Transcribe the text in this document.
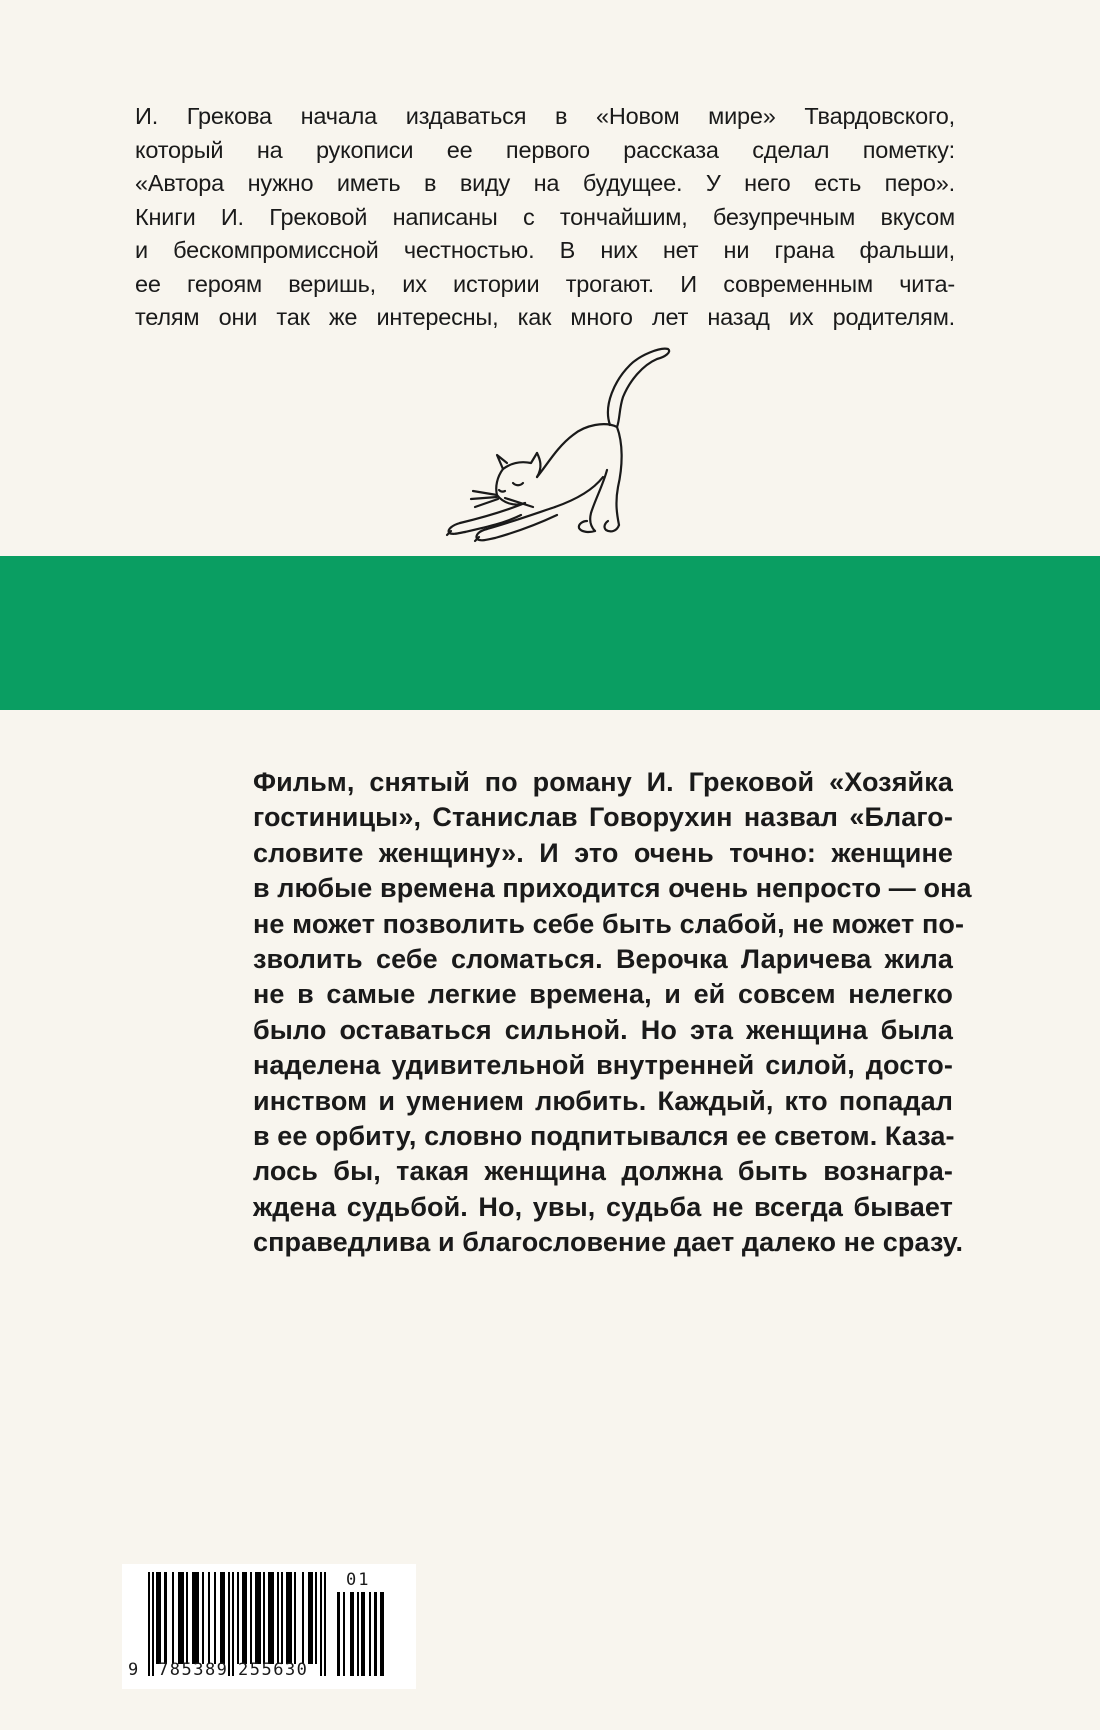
И. Грекова начала издаваться в «Новом мире» Твардовского,
который на рукописи ее первого рассказа сделал пометку:
«Автора нужно иметь в виду на будущее. У него есть перо».
Книги И. Грековой написаны с тончайшим, безупречным вкусом
и бескомпромиссной честностью. В них нет ни грана фальши,
ее героям веришь, их истории трогают. И современным чита-
телям они так же интересны, как много лет назад их родителям.
Фильм, снятый по роману И. Грековой «Хозяйка
гостиницы», Станислав Говорухин назвал «Благо-
словите женщину». И это очень точно: женщине
в любые времена приходится очень непросто — она
не может позволить себе быть слабой, не может по-
зволить себе сломаться. Верочка Ларичева жила
не в самые легкие времена, и ей совсем нелегко
было оставаться сильной. Но эта женщина была
наделена удивительной внутренней силой, досто-
инством и умением любить. Каждый, кто попадал
в ее орбиту, словно подпитывался ее светом. Каза-
лось бы, такая женщина должна быть вознагра-
ждена судьбой. Но, увы, судьба не всегда бывает
справедлива и благословение дает далеко не сразу.
9 785389 255630
01
